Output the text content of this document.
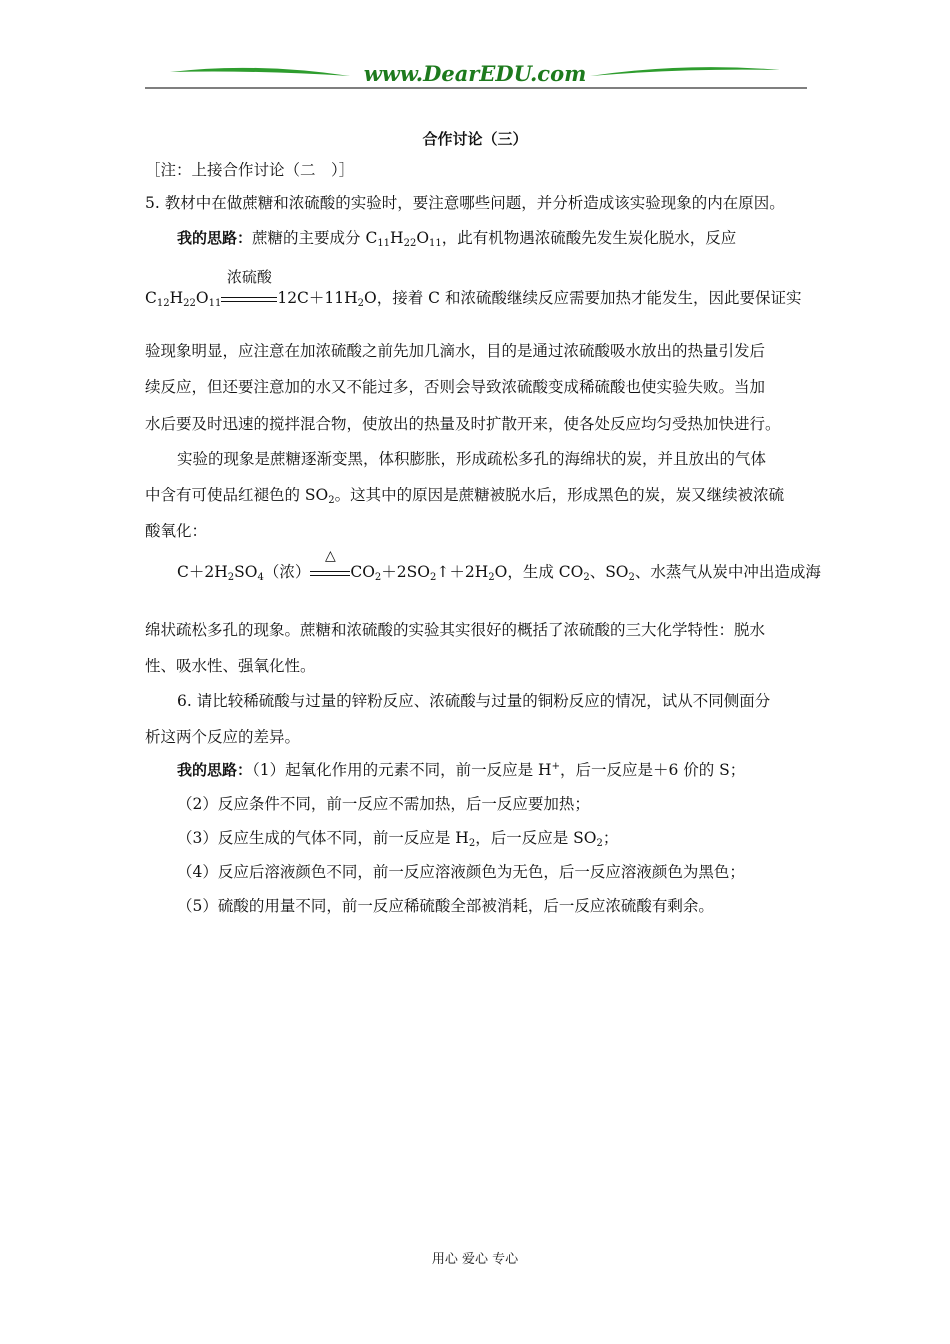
www.DearEDU.com
合作讨论（三）
［注：上接合作讨论（二　）］
5. 教材中在做蔗糖和浓硫酸的实验时，要注意哪些问题，并分析造成该实验现象的内在原因。
我的思路：蔗糖的主要成分 $C_{11}H_{22}O_{11}$，此有机物遇浓硫酸先发生炭化脱水，反应
$C_{12}H_{22}O_{11}$
浓硫酸
$12C+11H_2O$，接着 C 和浓硫酸继续反应需要加热才能发生，因此要保证实
验现象明显，应注意在加浓硫酸之前先加几滴水，目的是通过浓硫酸吸水放出的热量引发后
续反应，但还要注意加的水又不能过多，否则会导致浓硫酸变成稀硫酸也使实验失败。当加
水后要及时迅速的搅拌混合物，使放出的热量及时扩散开来，使各处反应均匀受热加快进行。
实验的现象是蔗糖逐渐变黑，体积膨胀，形成疏松多孔的海绵状的炭，并且放出的气体
中含有可使品红褪色的 $SO_2$。这其中的原因是蔗糖被脱水后，形成黑色的炭，炭又继续被浓硫
酸氧化：
$C+2H_2SO_4$（浓）
△
$CO_2+2SO_2↑+2H_2O$，生成 $CO_2$、$SO_2$、水蒸气从炭中冲出造成海
绵状疏松多孔的现象。蔗糖和浓硫酸的实验其实很好的概括了浓硫酸的三大化学特性：脱水
性、吸水性、强氧化性。
6. 请比较稀硫酸与过量的锌粉反应、浓硫酸与过量的铜粉反应的情况，试从不同侧面分
析这两个反应的差异。
我的思路：（1）起氧化作用的元素不同，前一反应是 H+，后一反应是＋6 价的 S；
（2）反应条件不同，前一反应不需加热，后一反应要加热；
（3）反应生成的气体不同，前一反应是 $H_2$，后一反应是 $SO_2$；
（4）反应后溶液颜色不同，前一反应溶液颜色为无色，后一反应溶液颜色为黑色；
（5）硫酸的用量不同，前一反应稀硫酸全部被消耗，后一反应浓硫酸有剩余。
用心 爱心 专心
